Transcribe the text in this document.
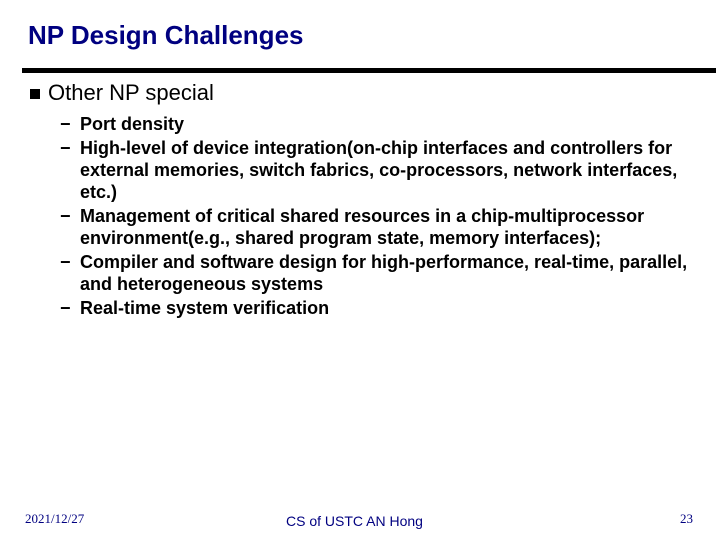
NP Design Challenges
Other NP special
− Port density
− High-level of device integration(on-chip interfaces and controllers for external memories, switch fabrics, co-processors, network interfaces, etc.)
− Management of critical shared resources in a chip-multiprocessor environment(e.g., shared program state, memory interfaces);
− Compiler and software design for high-performance, real-time, parallel, and heterogeneous systems
− Real-time system verification
2021/12/27	CS of USTC AN Hong	23
